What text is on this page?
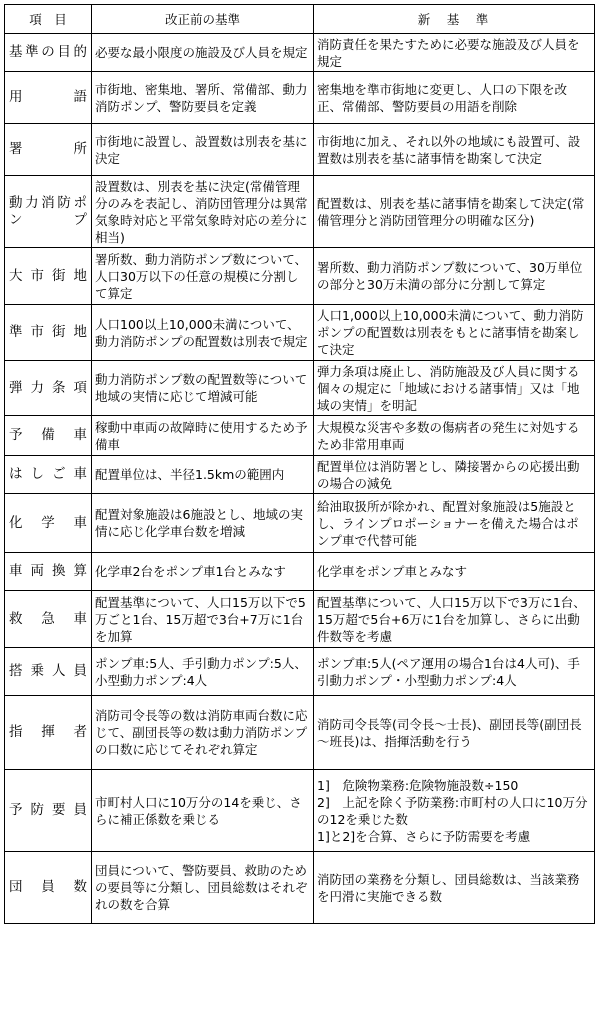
項　目	改正前の基準	新　基　準
基準の目的	必要な最小限度の施設及び人員を規定	消防責任を果たすために必要な施設及び人員を規定
用語	市街地、密集地、署所、常備部、動力消防ポンプ、警防要員を定義	密集地を準市街地に変更し、人口の下限を改正、常備部、警防要員の用語を削除
署所	市街地に設置し、設置数は別表を基に決定	市街地に加え、それ以外の地域にも設置可、設置数は別表を基に諸事情を勘案して決定
動力消防ポンプ	設置数は、別表を基に決定(常備管理分のみを表記し、消防団管理分は異常気象時対応と平常気象時対応の差分に相当)	配置数は、別表を基に諸事情を勘案して決定(常備管理分と消防団管理分の明確な区分)
大市街地	署所数、動力消防ポンプ数について、人口30万以下の任意の規模に分割して算定	署所数、動力消防ポンプ数について、30万単位の部分と30万未満の部分に分割して算定
準市街地	人口100以上10,000未満について、動力消防ポンプの配置数は別表で規定	人口1,000以上10,000未満について、動力消防ポンプの配置数は別表をもとに諸事情を勘案して決定
弾力条項	動力消防ポンプ数の配置数等について地域の実情に応じて増減可能	弾力条項は廃止し、消防施設及び人員に関する個々の規定に「地域における諸事情」又は「地域の実情」を明記
予備車	稼動中車両の故障時に使用するため予備車	大規模な災害や多数の傷病者の発生に対処するため非常用車両
はしご車	配置単位は、半径1.5kmの範囲内	配置単位は消防署とし、隣接署からの応援出動の場合の減免
化学車	配置対象施設は6施設とし、地域の実情に応じ化学車台数を増減	給油取扱所が除かれ、配置対象施設は5施設とし、ラインプロポーショナーを備えた場合はポンプ車で代替可能
車両換算	化学車2台をポンプ車1台とみなす	化学車をポンプ車とみなす
救急車	配置基準について、人口15万以下で5万ごと1台、15万超で3台+7万に1台を加算	配置基準について、人口15万以下で3万に1台、15万超で5台+6万に1台を加算し、さらに出動件数等を考慮
搭乗人員	ポンプ車:5人、手引動力ポンプ:5人、小型動力ポンプ:4人	ポンプ車:5人(ペア運用の場合1台は4人可)、手引動力ポンプ・小型動力ポンプ:4人
指揮者	消防司令長等の数は消防車両台数に応じて、副団長等の数は動力消防ポンプの口数に応じてそれぞれ算定	消防司令長等(司令長～士長)、副団長等(副団長～班長)は、指揮活動を行う
予防要員	市町村人口に10万分の14を乗じ、さらに補正係数を乗じる	1]　危険物業務:危険物施設数÷150
2]　上記を除く予防業務:市町村の人口に10万分の12を乗じた数
1]と2]を合算、さらに予防需要を考慮
団員数	団員について、警防要員、救助のための要員等に分類し、団員総数はそれぞれの数を合算	消防団の業務を分類し、団員総数は、当該業務を円滑に実施できる数
